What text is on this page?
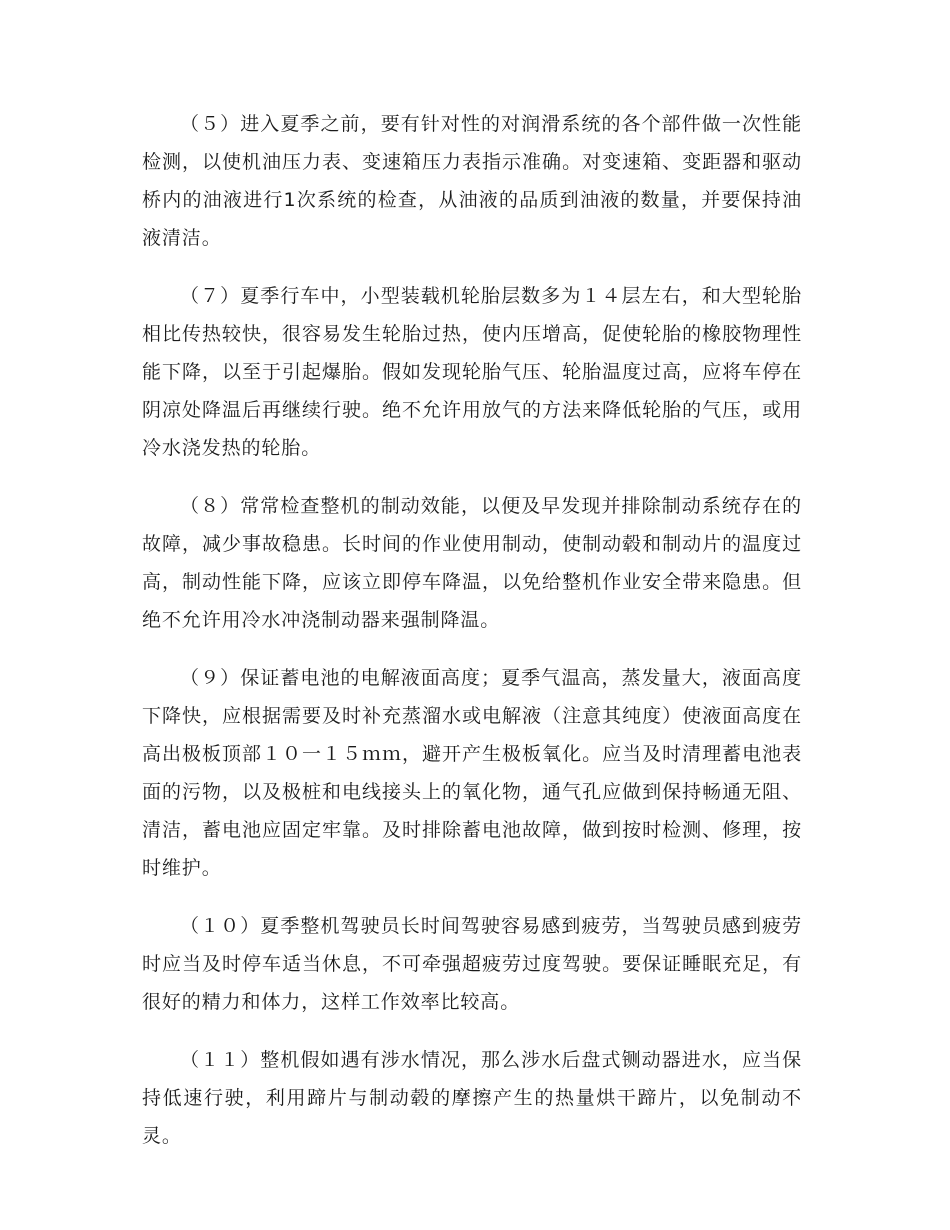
（５）进入夏季之前，要有针对性的对润滑系统的各个部件做一次性能检测，以使机油压力表、变速箱压力表指示准确。对变速箱、变距器和驱动桥内的油液进行1次系统的检查，从油液的品质到油液的数量，并要保持油液清洁。

（７）夏季行车中，小型装载机轮胎层数多为１４层左右，和大型轮胎相比传热较快，很容易发生轮胎过热，使内压增高，促使轮胎的橡胶物理性能下降，以至于引起爆胎。假如发现轮胎气压、轮胎温度过高，应将车停在阴凉处降温后再继续行驶。绝不允许用放气的方法来降低轮胎的气压，或用冷水浇发热的轮胎。

（８）常常检查整机的制动效能，以便及早发现并排除制动系统存在的故障，减少事故稳患。长时间的作业使用制动，使制动毂和制动片的温度过高，制动性能下降，应该立即停车降温，以免给整机作业安全带来隐患。但绝不允许用冷水冲浇制动器来强制降温。

（９）保证蓄电池的电解液面高度；夏季气温高，蒸发量大，液面高度下降快，应根据需要及时补充蒸溜水或电解液（注意其纯度）使液面高度在高出极板顶部１０一１５ｍｍ，避开产生极板氧化。应当及时清理蓄电池表面的污物，以及极桩和电线接头上的氧化物，通气孔应做到保持畅通无阻、清洁，蓄电池应固定牢靠。及时排除蓄电池故障，做到按时检测、修理，按时维护。

（１０）夏季整机驾驶员长时间驾驶容易感到疲劳，当驾驶员感到疲劳时应当及时停车适当休息，不可牵强超疲劳过度驾驶。要保证睡眠充足，有很好的精力和体力，这样工作效率比较高。

（１１）整机假如遇有涉水情况，那么涉水后盘式铡动器进水，应当保持低速行驶，利用蹄片与制动毂的摩擦产生的热量烘干蹄片，以免制动不灵。
